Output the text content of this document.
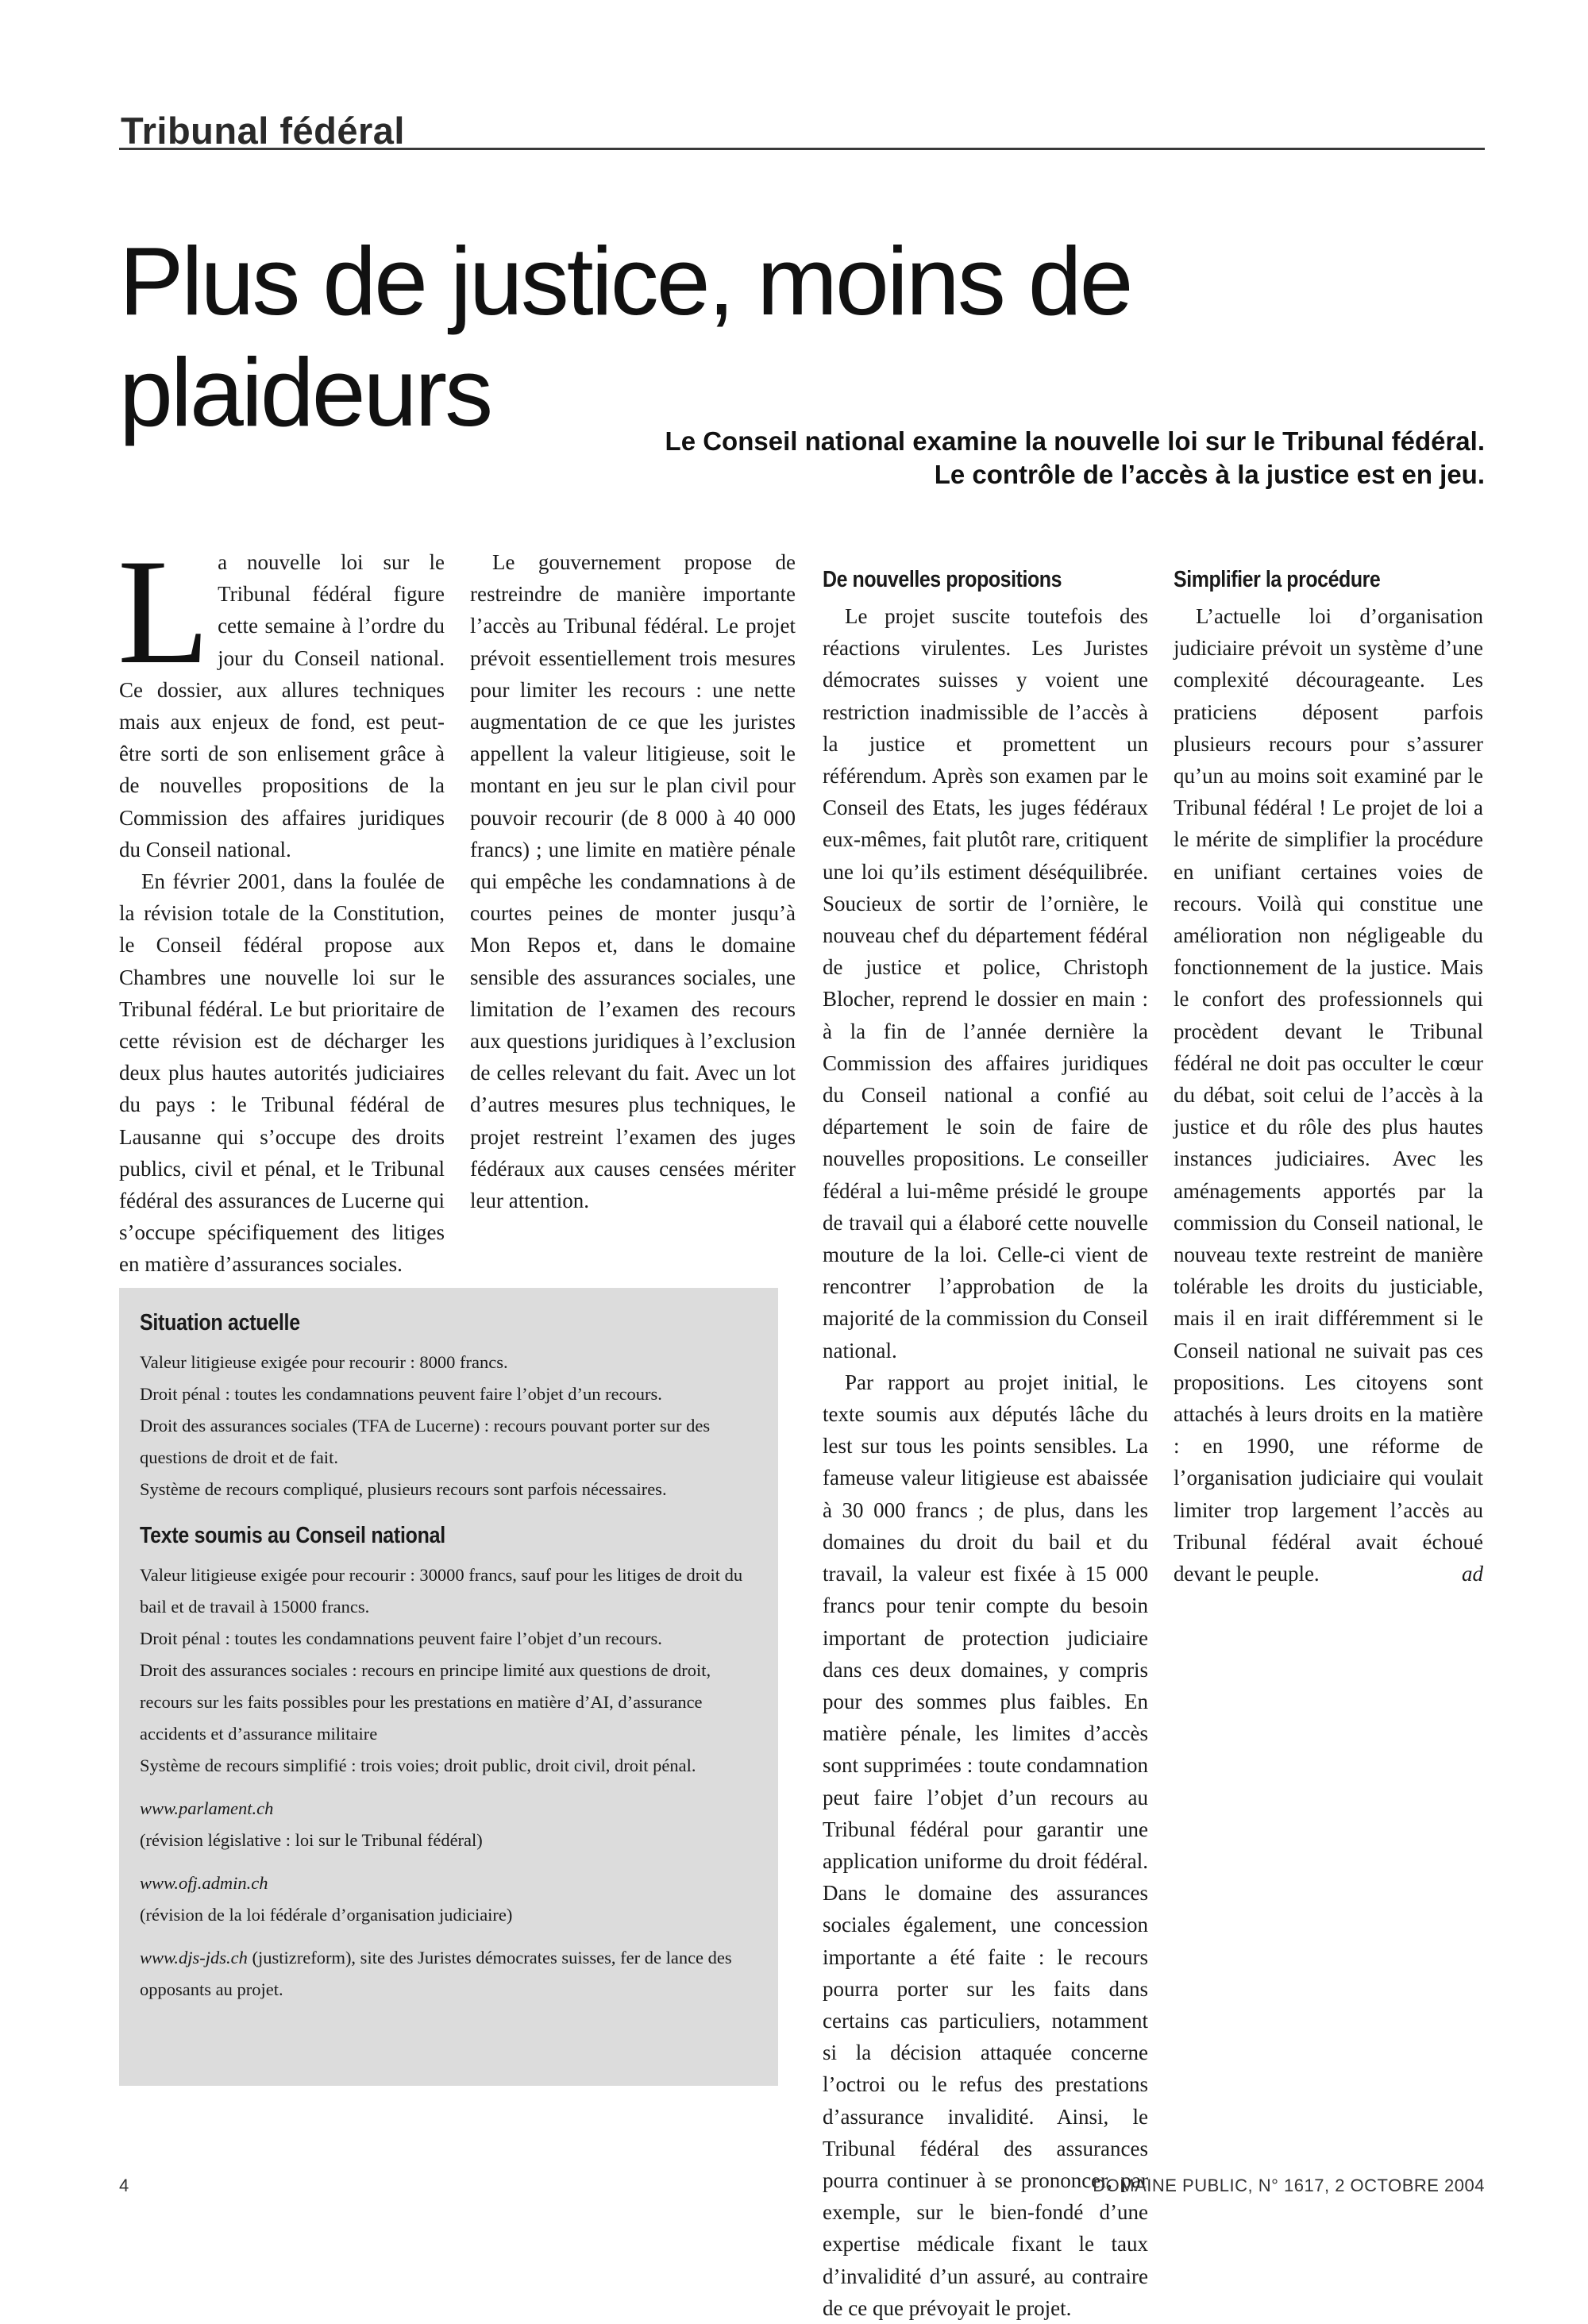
Tribunal fédéral
Plus de justice, moins de plaideurs	Le Conseil national examine la nouvelle loi sur le Tribunal fédéral.
Le contrôle de l’accès à la justice est en jeu.

La nouvelle loi sur le Tribunal fédéral figure cette semaine à l’ordre du jour du Conseil national. Ce dossier, aux allures techniques mais aux enjeux de fond, est peut-être sorti de son enlisement grâce à de nouvelles propositions de la Commission des affaires juridiques du Conseil national.

En février 2001, dans la foulée de la révision totale de la Constitution, le Conseil fédéral propose aux Chambres une nouvelle loi sur le Tribunal fédéral. Le but prioritaire de cette révision est de décharger les deux plus hautes autorités judiciaires du pays : le Tribunal fédéral de Lausanne qui s’occupe des droits publics, civil et pénal, et le Tribunal fédéral des assurances de Lucerne qui s’occupe spécifiquement des litiges en matière d’assurances sociales.

Le gouvernement propose de restreindre de manière importante l’accès au Tribunal fédéral. Le projet prévoit essentiellement trois mesures pour limiter les recours : une nette augmentation de ce que les juristes appellent la valeur litigieuse, soit le montant en jeu sur le plan civil pour pouvoir recourir (de 8 000 à 40 000 francs) ; une limite en matière pénale qui empêche les condamnations à de courtes peines de monter jusqu’à Mon Repos et, dans le domaine sensible des assurances sociales, une limitation de l’examen des recours aux questions juridiques à l’exclusion de celles relevant du fait. Avec un lot d’autres mesures plus techniques, le projet restreint l’examen des juges fédéraux aux causes censées mériter leur attention.

De nouvelles propositions

Le projet suscite toutefois des réactions virulentes. Les Juristes démocrates suisses y voient une restriction inadmissible de l’accès à la justice et promettent un référendum. Après son examen par le Conseil des Etats, les juges fédéraux eux-mêmes, fait plutôt rare, critiquent une loi qu’ils estiment déséquilibrée. Soucieux de sortir de l’ornière, le nouveau chef du département fédéral de justice et police, Christoph Blocher, reprend le dossier en main : à la fin de l’année dernière la Commission des affaires juridiques du Conseil national a confié au département le soin de faire de nouvelles propositions. Le conseiller fédéral a lui-même présidé le groupe de travail qui a élaboré cette nouvelle mouture de la loi. Celle-ci vient de rencontrer l’approbation de la majorité de la commission du Conseil national.

Par rapport au projet initial, le texte soumis aux députés lâche du lest sur tous les points sensibles. La fameuse valeur litigieuse est abaissée à 30 000 francs ; de plus, dans les domaines du droit du bail et du travail, la valeur est fixée à 15 000 francs pour tenir compte du besoin important de protection judiciaire dans ces deux domaines, y compris pour des sommes plus faibles. En matière pénale, les limites d’accès sont supprimées : toute condamnation peut faire l’objet d’un recours au Tribunal fédéral pour garantir une application uniforme du droit fédéral. Dans le domaine des assurances sociales également, une concession importante a été faite : le recours pourra porter sur les faits dans certains cas particuliers, notamment si la décision attaquée concerne l’octroi ou le refus des prestations d’assurance invalidité. Ainsi, le Tribunal fédéral des assurances pourra continuer à se prononcer, par exemple, sur le bien-fondé d’une expertise médicale fixant le taux d’invalidité d’un assuré, au contraire de ce que prévoyait le projet.

Simplifier la procédure

L’actuelle loi d’organisation judiciaire prévoit un système d’une complexité décourageante. Les praticiens déposent parfois plusieurs recours pour s’assurer qu’un au moins soit examiné par le Tribunal fédéral ! Le projet de loi a le mérite de simplifier la procédure en unifiant certaines voies de recours. Voilà qui constitue une amélioration non négligeable du fonctionnement de la justice. Mais le confort des professionnels qui procèdent devant le Tribunal fédéral ne doit pas occulter le cœur du débat, soit celui de l’accès à la justice et du rôle des plus hautes instances judiciaires. Avec les aménagements apportés par la commission du Conseil national, le nouveau texte restreint de manière tolérable les droits du justiciable, mais il en irait différemment si le Conseil national ne suivait pas ces propositions. Les citoyens sont attachés à leurs droits en la matière : en 1990, une réforme de l’organisation judiciaire qui voulait limiter trop largement l’accès au Tribunal fédéral avait échoué devant le peuple.	ad

Situation actuelle
Valeur litigieuse exigée pour recourir : 8000 francs.
Droit pénal : toutes les condamnations peuvent faire l’objet d’un recours.
Droit des assurances sociales (TFA de Lucerne) : recours pouvant porter sur des questions de droit et de fait.
Système de recours compliqué, plusieurs recours sont parfois nécessaires.
Texte soumis au Conseil national
Valeur litigieuse exigée pour recourir : 30000 francs, sauf pour les litiges de droit du bail et de travail à 15000 francs.
Droit pénal : toutes les condamnations peuvent faire l’objet d’un recours.
Droit des assurances sociales : recours en principe limité aux questions de droit, recours sur les faits possibles pour les prestations en matière d’AI, d’assurance accidents et d’assurance militaire
Système de recours simplifié : trois voies; droit public, droit civil, droit pénal.
www.parlament.ch
(révision législative : loi sur le Tribunal fédéral)
www.ofj.admin.ch
(révision de la loi fédérale d’organisation judiciaire)
www.djs-jds.ch (justizreform), site des Juristes démocrates suisses, fer de lance des opposants au projet.
4	DOMAINE PUBLIC, N° 1617, 2 OCTOBRE 2004
